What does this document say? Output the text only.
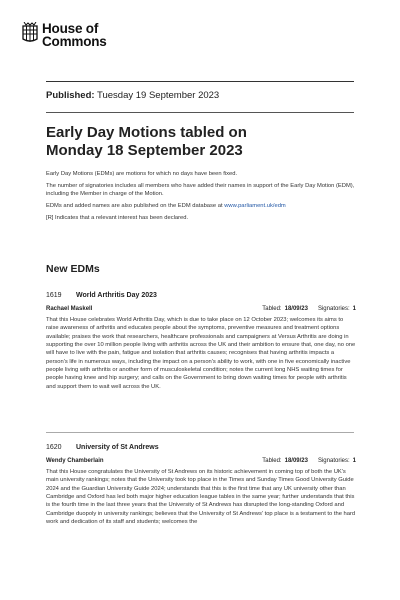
House of
Commons
Published: Tuesday 19 September 2023
Early Day Motions tabled on
Monday 18 September 2023

Early Day Motions (EDMs) are motions for which no days have been fixed.

The number of signatories includes all members who have added their names in support of the Early Day Motion (EDM), including the Member in charge of the Motion.

EDMs and added names are also published on the EDM database at www.parliament.uk/edm

[R] Indicates that a relevant interest has been declared.

New EDMs
1619	World Arthritis Day 2023
Rachael Maskell	Tabled: 18/09/23 Signatories: 1
That this House celebrates World Arthritis Day, which is due to take place on 12 October 2023; welcomes its aims to raise awareness of arthritis and educates people about the symptoms, preventive measures and treatment options available; praises the work that researchers, healthcare professionals and campaigners at Versus Arthritis are doing in supporting the over 10 million people living with arthritis across the UK and their ambition to ensure that, one day, no one will have to live with the pain, fatigue and isolation that arthritis causes; recognises that having arthritis impacts a person's life in numerous ways, including the impact on a person's ability to work, with one in five economically inactive people living with arthritis or another form of musculoskeletal condition; notes the current long NHS waiting times for people having knee and hip surgery; and calls on the Government to bring down waiting times for people with arthritis and support them to wait well across the UK.
1620	University of St Andrews
Wendy Chamberlain	Tabled: 18/09/23 Signatories: 1
That this House congratulates the University of St Andrews on its historic achievement in coming top of both the UK's main university rankings; notes that the University took top place in the Times and Sunday Times Good University Guide 2024 and the Guardian University Guide 2024; understands that this is the first time that any UK university other than Cambridge and Oxford has led both major higher education league tables in the same year; further understands that this is the fourth time in the last three years that the University of St Andrews has disrupted the long-standing Oxford and Cambridge duopoly in university rankings; believes that the University of St Andrews' top place is a testament to the hard work and dedication of its staff and students; welcomes the
